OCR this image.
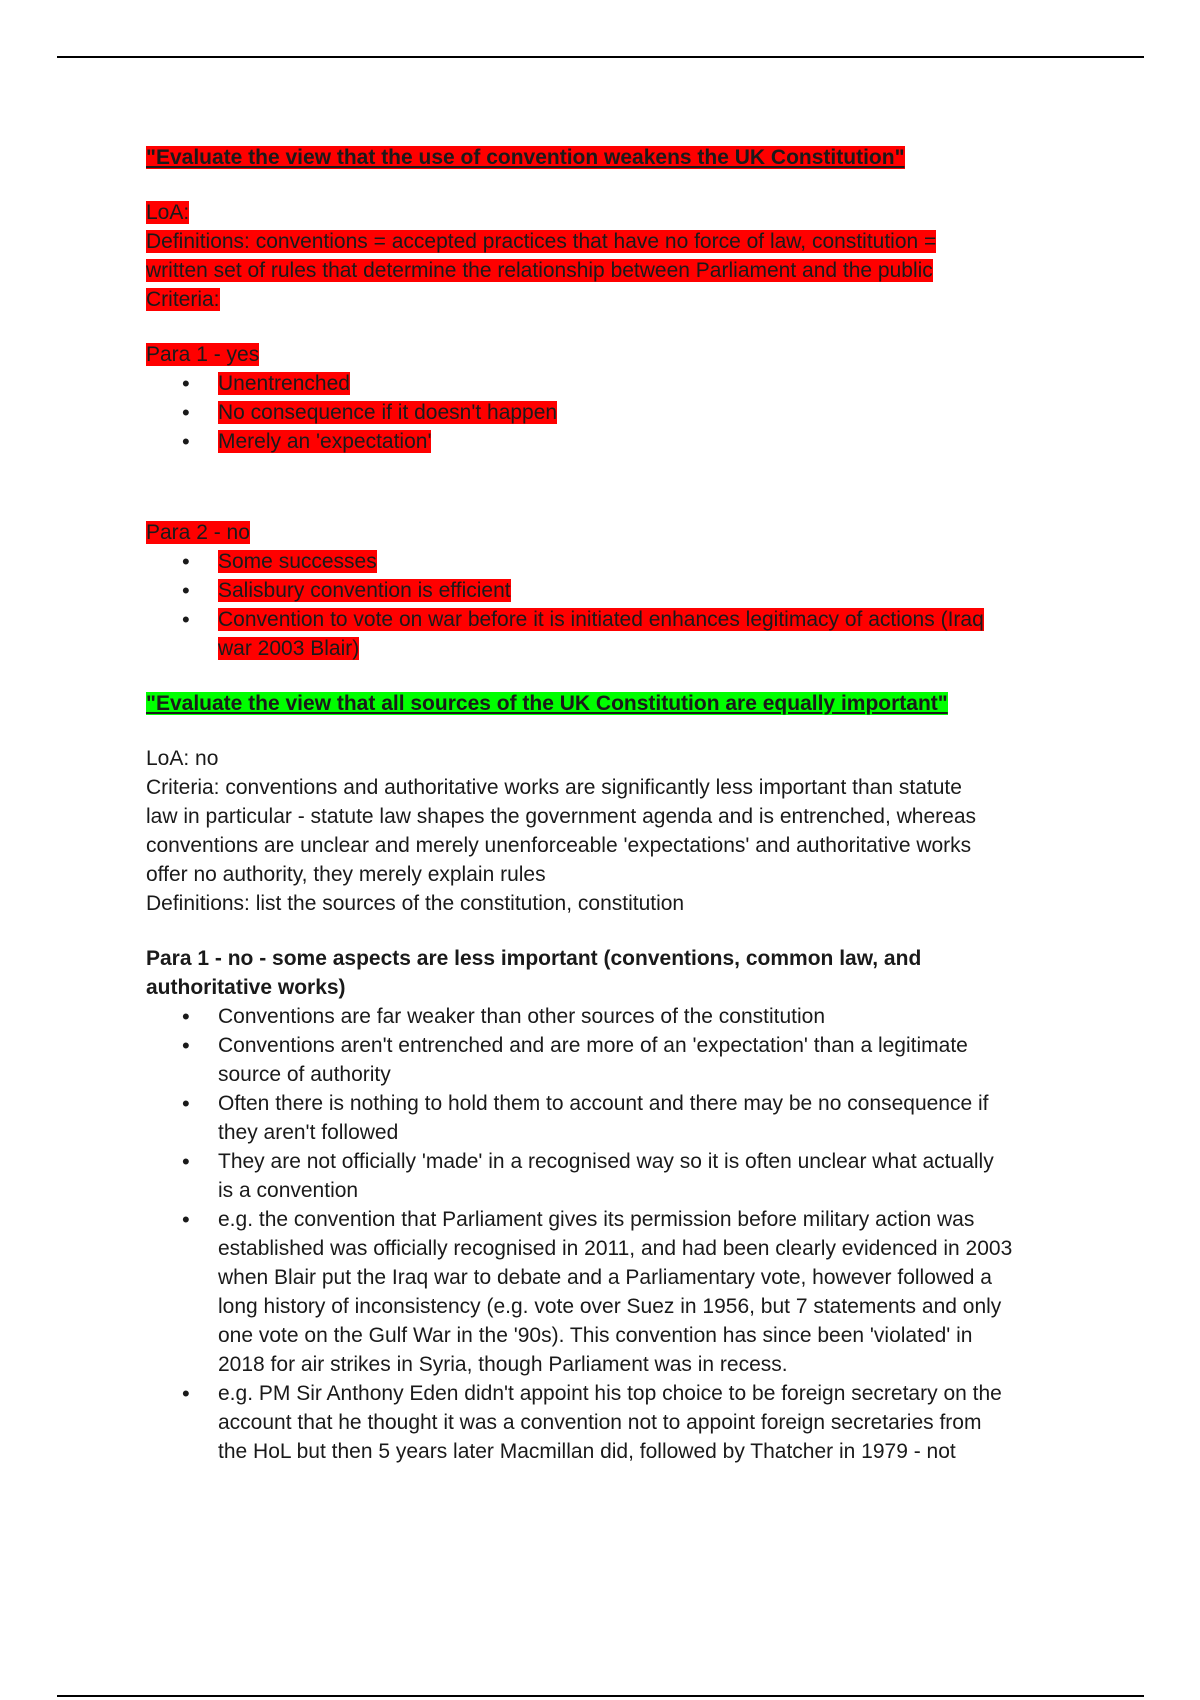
"Evaluate the view that the use of convention weakens the UK Constitution"
LoA:
Definitions: conventions = accepted practices that have no force of law, constitution =
written set of rules that determine the relationship between Parliament and the public
Criteria:
Para 1 - yes
• Unentrenched
• No consequence if it doesn't happen
• Merely an 'expectation'
Para 2 - no
• Some successes
• Salisbury convention is efficient
• Convention to vote on war before it is initiated enhances legitimacy of actions (Iraq
war 2003 Blair)
"Evaluate the view that all sources of the UK Constitution are equally important"
LoA: no
Criteria: conventions and authoritative works are significantly less important than statute
law in particular - statute law shapes the government agenda and is entrenched, whereas
conventions are unclear and merely unenforceable 'expectations' and authoritative works
offer no authority, they merely explain rules
Definitions: list the sources of the constitution, constitution
Para 1 - no - some aspects are less important (conventions, common law, and
authoritative works)
• Conventions are far weaker than other sources of the constitution
• Conventions aren't entrenched and are more of an 'expectation' than a legitimate
source of authority
• Often there is nothing to hold them to account and there may be no consequence if
they aren't followed
• They are not officially 'made' in a recognised way so it is often unclear what actually
is a convention
• e.g. the convention that Parliament gives its permission before military action was
established was officially recognised in 2011, and had been clearly evidenced in 2003
when Blair put the Iraq war to debate and a Parliamentary vote, however followed a
long history of inconsistency (e.g. vote over Suez in 1956, but 7 statements and only
one vote on the Gulf War in the '90s). This convention has since been 'violated' in
2018 for air strikes in Syria, though Parliament was in recess.
• e.g. PM Sir Anthony Eden didn't appoint his top choice to be foreign secretary on the
account that he thought it was a convention not to appoint foreign secretaries from
the HoL but then 5 years later Macmillan did, followed by Thatcher in 1979 - not
